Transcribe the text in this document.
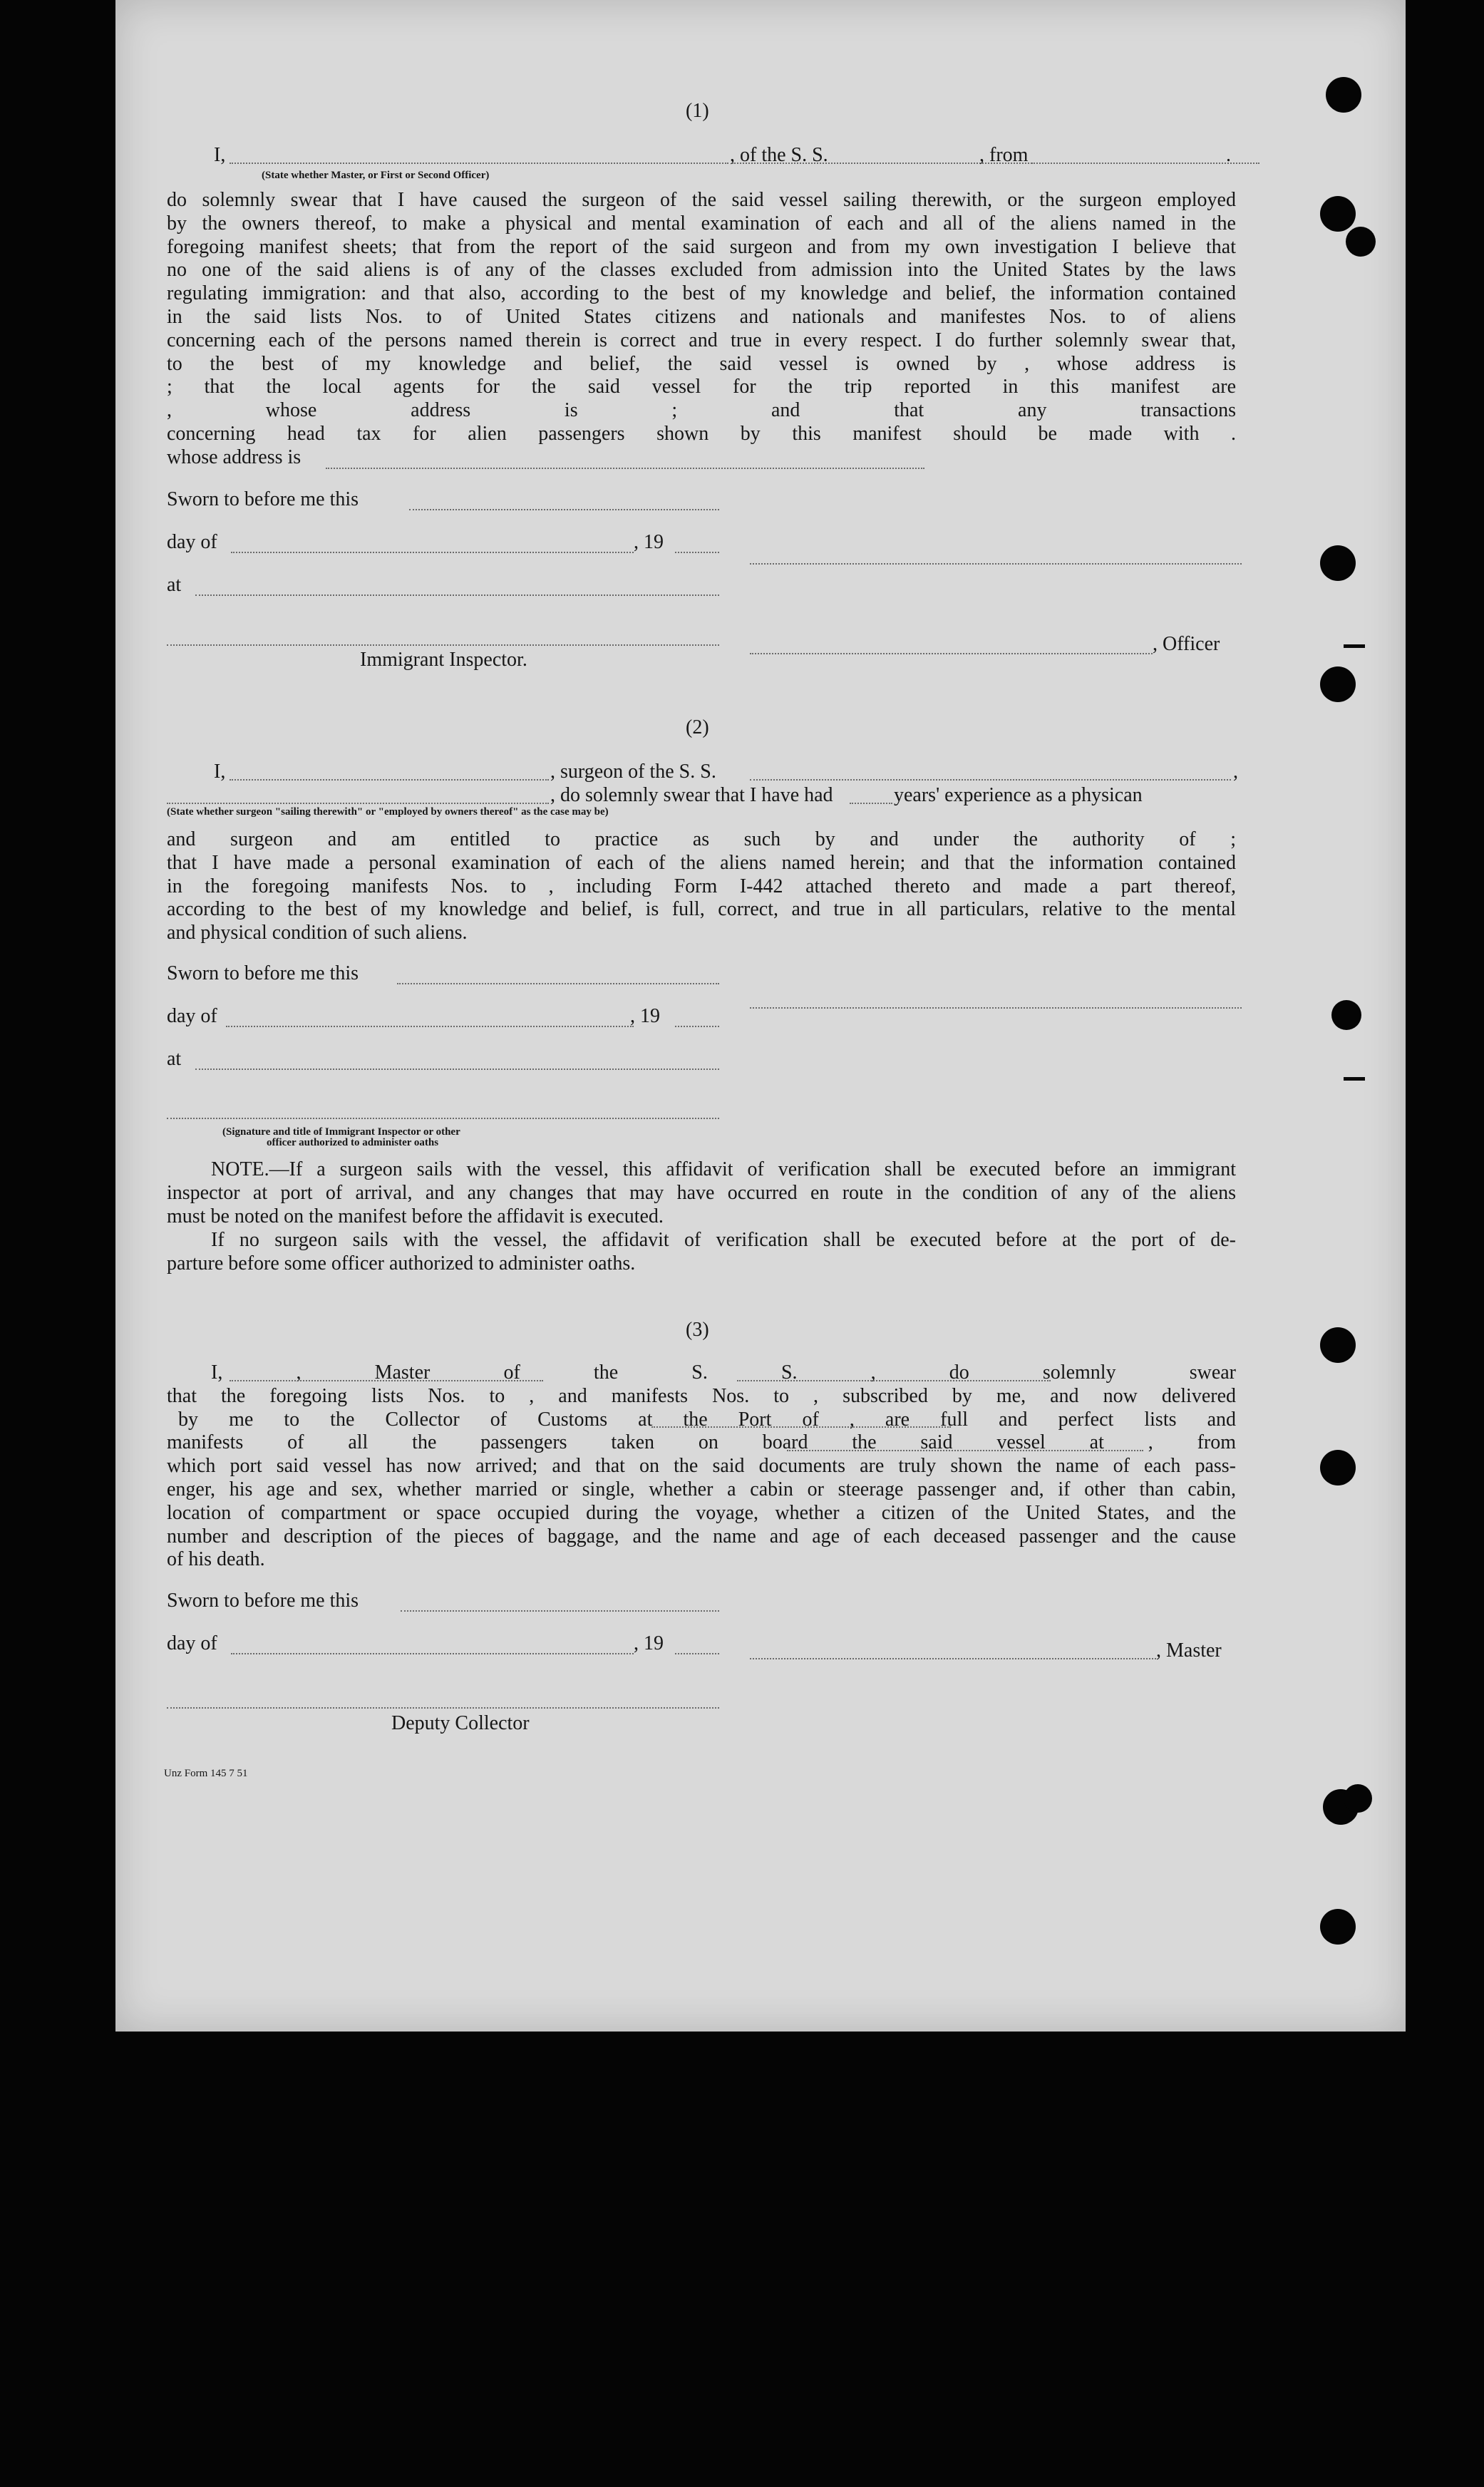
(1)
I,	, of the S. S.	, from	.
(State whether Master, or First or Second Officer)
do solemnly swear that I have caused the surgeon of the said vessel sailing therewith, or the surgeon employed
by the owners thereof, to make a physical and mental examination of each and all of the aliens named in the
foregoing manifest sheets; that from the report of the said surgeon and from my own investigation I believe that
no one of the said aliens is of any of the classes excluded from admission into the United States by the laws
regulating immigration: and that also, according to the best of my knowledge and belief, the information contained
in the said lists Nos. to of United States citizens and nationals and manifestes Nos. to of aliens
concerning each of the persons named therein is correct and true in every respect. I do further solemnly swear that,
to the best of my knowledge and belief, the said vessel is owned by , whose address is
; that the local agents for the said vessel for the trip reported in this manifest are
, whose address is ; and that any transactions
concerning head tax for alien passengers shown by this manifest should be made with .
whose address is
Sworn to before me this
day of	, 19
at
, Officer
Immigrant Inspector.
(2)
I,	, surgeon of the S. S.	,
, do solemnly swear that I have had	years' experience as a physican
(State whether surgeon "sailing therewith" or "employed by owners thereof" as the case may be)
and surgeon and am entitled to practice as such by and under the authority of ;
that I have made a personal examination of each of the aliens named herein; and that the information contained
in the foregoing manifests Nos. to , including Form I-442 attached thereto and made a part thereof,
according to the best of my knowledge and belief, is full, correct, and true in all particulars, relative to the mental
and physical condition of such aliens.
Sworn to before me this
day of	, 19
at
(Signature and title of Immigrant Inspector or other
officer authorized to administer oaths
NOTE.—If a surgeon sails with the vessel, this affidavit of verification shall be executed before an immigrant
inspector at port of arrival, and any changes that may have occurred en route in the condition of any of the aliens
must be noted on the manifest before the affidavit is executed.
If no surgeon sails with the vessel, the affidavit of verification shall be executed before at the port of de-
parture before some officer authorized to administer oaths.
(3)
I, , Master of the S. S. , do solemnly swear
that the foregoing lists Nos. to , and manifests Nos. to , subscribed by me, and now delivered
by me to the Collector of Customs at the Port of , are full and perfect lists and
manifests of all the passengers taken on board the said vessel at , from
which port said vessel has now arrived; and that on the said documents are truly shown the name of each pass-
enger, his age and sex, whether married or single, whether a cabin or steerage passenger and, if other than cabin,
location of compartment or space occupied during the voyage, whether a citizen of the United States, and the
number and description of the pieces of baggage, and the name and age of each deceased passenger and the cause
of his death.
Sworn to before me this
day of	, 19	, Master
Deputy Collector
Unz Form 145 7 51
